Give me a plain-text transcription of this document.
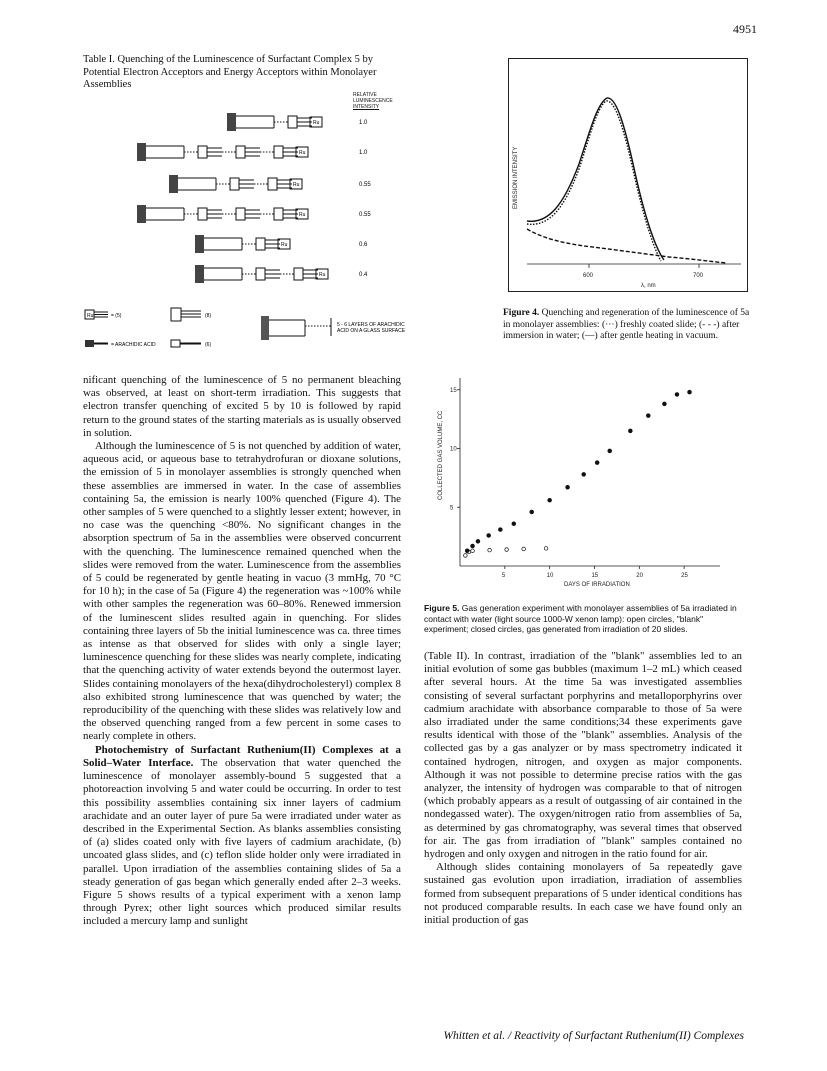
4951
Table I. Quenching of the Luminescence of Surfactant Complex 5 by Potential Electron Acceptors and Energy Acceptors within Monolayer Assemblies
RELATIVE
LUMINESCENCE
INTENSITY
Ru	1.0
Ru	1.0
Ru	0.55
Ru	0.55
Ru	0.6
Ru	0.4
Ru	= (5)	(8)
= ARACHIDIC ACID	(6)
5 - 6 LAYERS OF ARACHIDIC
ACID ON A GLASS SURFACE
EMISSION INTENSITY
600	700
λ, nm
Figure 4. Quenching and regeneration of the luminescence of 5a in monolayer assemblies: (···) freshly coated slide; (- - -) after immersion in water; (—) after gentle heating in vacuum.
COLLECTED GAS VOLUME, CC
DAYS OF IRRADIATION
5	10	15	20	25
5
10
15
Figure 5. Gas generation experiment with monolayer assemblies of 5a irradiated in contact with water (light source 1000-W xenon lamp): open circles, "blank" experiment; closed circles, gas generated from irradiation of 20 slides.

nificant quenching of the luminescence of 5 no permanent bleaching was observed, at least on short-term irradiation. This suggests that electron transfer quenching of excited 5 by 10 is followed by rapid return to the ground states of the starting materials as is usually observed in solution.

Although the luminescence of 5 is not quenched by addition of water, aqueous acid, or aqueous base to tetrahydrofuran or dioxane solutions, the emission of 5 in monolayer assemblies is strongly quenched when these assemblies are immersed in water. In the case of assemblies containing 5a, the emission is nearly 100% quenched (Figure 4). The other samples of 5 were quenched to a slightly lesser extent; however, in no case was the quenching <80%. No significant changes in the absorption spectrum of 5a in the assemblies were observed concurrent with the quenching. The luminescence remained quenched when the slides were removed from the water. Luminescence from the assemblies of 5 could be regenerated by gentle heating in vacuo (3 mmHg, 70 °C for 10 h); in the case of 5a (Figure 4) the regeneration was ~100% while with other samples the regeneration was 60–80%. Renewed immersion of the luminescent slides resulted again in quenching. For slides containing three layers of 5b the initial luminescence was ca. three times as intense as that observed for slides with only a single layer; luminescence quenching for these slides was nearly complete, indicating that the quenching activity of water extends beyond the outermost layer. Slides containing monolayers of the hexa(dihydrocholesteryl) complex 8 also exhibited strong luminescence that was quenched by water; the reproducibility of the quenching with these slides was relatively low and the observed quenching ranged from a few percent in some cases to nearly complete in others.

Photochemistry of Surfactant Ruthenium(II) Complexes at a Solid–Water Interface. The observation that water quenched the luminescence of monolayer assembly-bound 5 suggested that a photoreaction involving 5 and water could be occurring. In order to test this possibility assemblies containing six inner layers of cadmium arachidate and an outer layer of pure 5a were irradiated under water as described in the Experimental Section. As blanks assemblies consisting of (a) slides coated only with five layers of cadmium arachidate, (b) uncoated glass slides, and (c) teflon slide holder only were irradiated in parallel. Upon irradiation of the assemblies containing slides of 5a a steady generation of gas began which generally ended after 2–3 weeks. Figure 5 shows results of a typical experiment with a xenon lamp through Pyrex; other light sources which produced similar results included a mercury lamp and sunlight

(Table II). In contrast, irradiation of the "blank" assemblies led to an initial evolution of some gas bubbles (maximum 1–2 mL) which ceased after several hours. At the time 5a was investigated assemblies consisting of several surfactant porphyrins and metalloporphyrins over cadmium arachidate with absorbance comparable to those of 5a were also irradiated under the same conditions;34 these experiments gave results identical with those of the "blank" assemblies. Analysis of the collected gas by a gas analyzer or by mass spectrometry indicated it contained hydrogen, nitrogen, and oxygen as major components. Although it was not possible to determine precise ratios with the gas analyzer, the intensity of hydrogen was comparable to that of nitrogen (which probably appears as a result of outgassing of air contained in the nondegassed water). The oxygen/nitrogen ratio from assemblies of 5a, as determined by gas chromatography, was several times that observed for air. The gas from irradiation of "blank" samples contained no hydrogen and only oxygen and nitrogen in the ratio found for air.

Although slides containing monolayers of 5a repeatedly gave sustained gas evolution upon irradiation, irradiation of assemblies formed from subsequent preparations of 5 under identical conditions has not produced comparable results. In each case we have found only an initial production of gas

Whitten et al. / Reactivity of Surfactant Ruthenium(II) Complexes
